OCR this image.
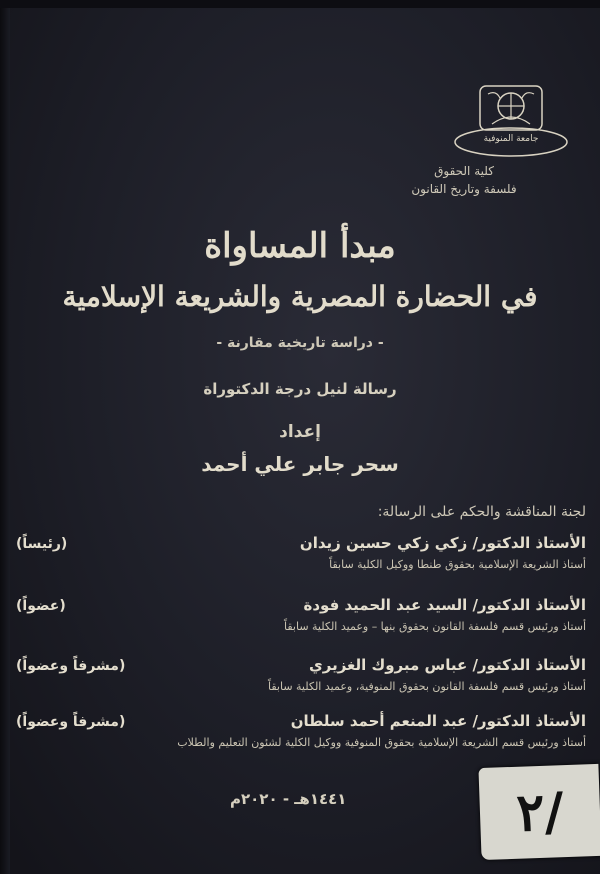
جامعة المنوفية
كلية الحقوق
فلسفة وتاريخ القانون
مبدأ المساواة
في الحضارة المصرية والشريعة الإسلامية
- دراسة تاريخية مقارنة -
رسالة لنيل درجة الدكتوراة
إعداد
سحر جابر علي أحمد
لجنة المناقشة والحكم على الرسالة:
الأستاذ الدكتور/ زكي زكي حسين زيدان
(رئيساً)
أستاذ الشريعة الإسلامية بحقوق طنطا ووكيل الكلية سابقاً
الأستاذ الدكتور/ السيد عبد الحميد فودة
(عضواً)
أستاذ ورئيس قسم فلسفة القانون بحقوق بنها – وعميد الكلية سابقاً
الأستاذ الدكتور/ عباس مبروك الغزيري
(مشرفاً وعضواً)
أستاذ ورئيس قسم فلسفة القانون بحقوق المنوفية، وعميد الكلية سابقاً
الأستاذ الدكتور/ عبد المنعم أحمد سلطان
(مشرفاً وعضواً)
أستاذ ورئيس قسم الشريعة الإسلامية بحقوق المنوفية ووكيل الكلية لشئون التعليم والطلاب
١٤٤١هـ - ٢٠٢٠م	٢/
